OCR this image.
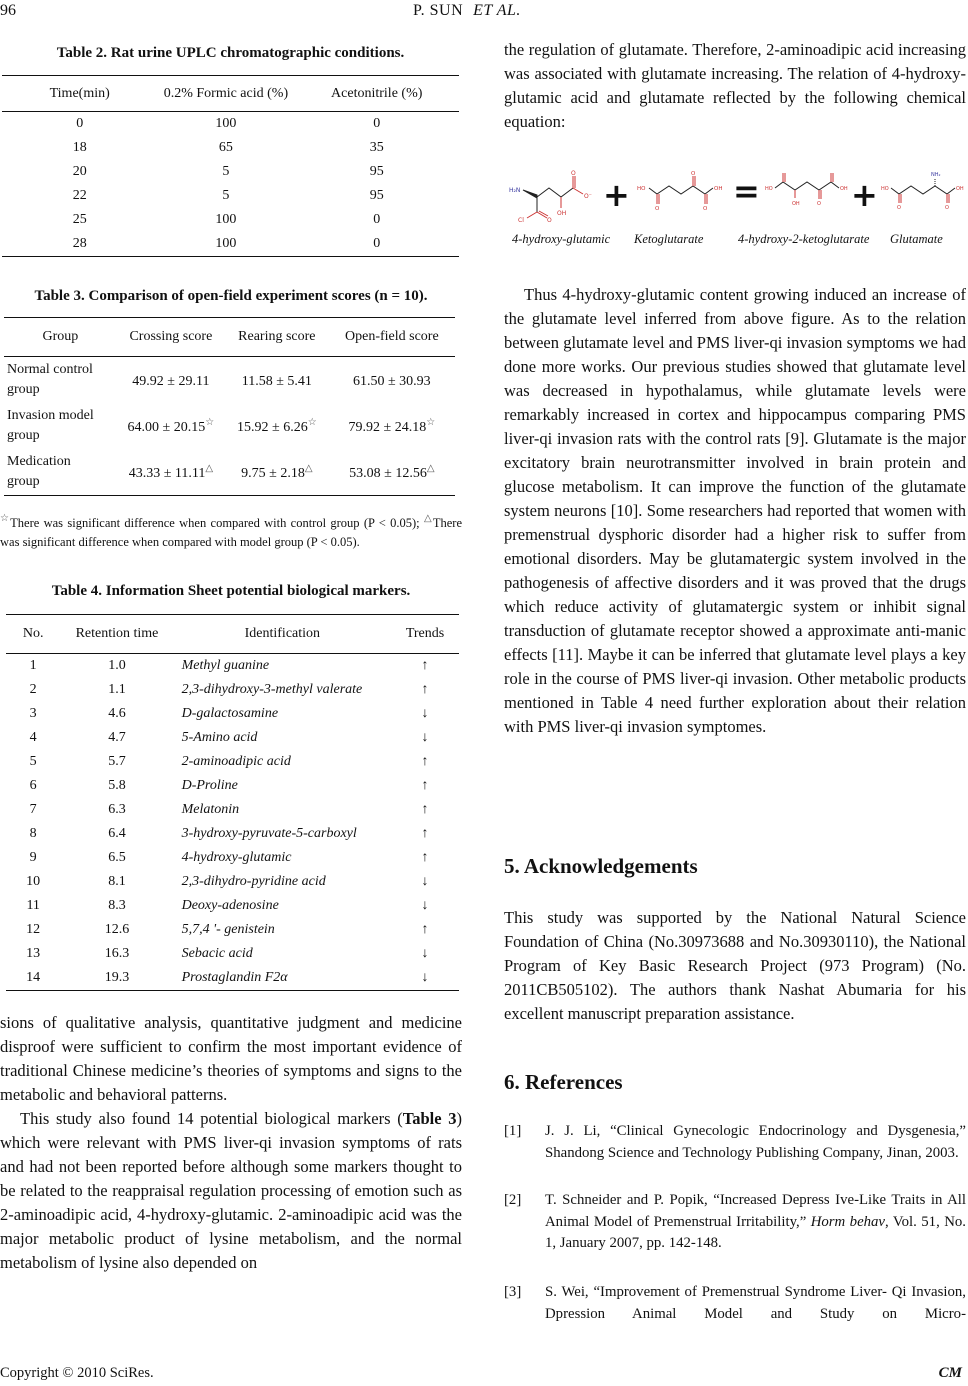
96	P. SUN ET AL.
Table 2. Rat urine UPLC chromatographic conditions.
Time(min)	0.2% Formic acid (%)	Acetonitrile (%)
0	100	0
18	65	35
20	5	95
22	5	95
25	100	0
28	100	0
Table 3. Comparison of open-field experiment scores (n = 10).
Group	Crossing score	Rearing score	Open-field score
Normal control
group	49.92 ± 29.11	11.58 ± 5.41	61.50 ± 30.93
Invasion model
group	64.00 ± 20.15☆	15.92 ± 6.26☆	79.92 ± 24.18☆
Medication
group	43.33 ± 11.11△	9.75 ± 2.18△	53.08 ± 12.56△
☆There was significant difference when compared with control group (P < 0.05); △There was significant difference when compared with model group (P < 0.05).
Table 4. Information Sheet potential biological markers.
No.	Retention time	Identification	Trends
1	1.0	Methyl guanine	↑
2	1.1	2,3-dihydroxy-3-methyl valerate	↑
3	4.6	D-galactosamine	↓
4	4.7	5-Amino acid	↓
5	5.7	2-aminoadipic acid	↑
6	5.8	D-Proline	↑
7	6.3	Melatonin	↑
8	6.4	3-hydroxy-pyruvate-5-carboxyl	↑
9	6.5	4-hydroxy-glutamic	↑
10	8.1	2,3-dihydro-pyridine acid	↓
11	8.3	Deoxy-adenosine	↓
12	12.6	5,7,4 '- genistein	↑
13	16.3	Sebacic acid	↓
14	19.3	Prostaglandin F2α	↓

sions of qualitative analysis, quantitative judgment and medicine disproof were sufficient to confirm the most important evidence of traditional Chinese medicine’s theories of symptoms and signs to the metabolic and behavioral patterns.

This study also found 14 potential biological markers (Table 3) which were relevant with PMS liver-qi invasion symptoms of rats and had not been reported before although some markers thought to be related to the reappraisal regulation processing of emotion such as 2-aminoadipic acid, 4-hydroxy-glutamic. 2-aminoadipic acid was the major metabolic product of lysine metabolism, and the normal metabolism of lysine also depended on

the regulation of glutamate. Therefore, 2-aminoadipic acid increasing was associated with glutamate increasing. The relation of 4-hydroxy-glutamic acid and glutamate reflected by the following chemical equation:
H₂N
Cl	O
OH
O
O⁻ + HO
O
O
O
OH = HO
OH	O
OH + HO
NH₂
O	O
OH
4-hydroxy-glutamic Ketoglutarate	4-hydroxy-2-ketoglutarate Glutamate
Thus 4-hydroxy-glutamic content growing induced an increase of the glutamate level inferred from above figure. As to the relation between glutamate level and PMS liver-qi invasion symptoms we had done more works. Our previous studies showed that glutamate level was decreased in hypothalamus, while glutamate levels were remarkably increased in cortex and hippocampus comparing PMS liver-qi invasion rats with the control rats [9]. Glutamate is the major excitatory brain neurotransmitter involved in brain protein and glucose metabolism. It can improve the function of the glutamate system neurons [10]. Some researchers had reported that women with premenstrual dysphoric disorder had a higher risk to suffer from emotional disorders. May be glutamatergic system involved in the pathogenesis of affective disorders and it was proved that the drugs which reduce activity of glutamatergic system or inhibit signal transduction of glutamate receptor showed a approximate anti-manic effects [11]. Maybe it can be inferred that glutamate level plays a key role in the course of PMS liver-qi invasion. Other metabolic products mentioned in Table 4 need further exploration about their relation with PMS liver-qi invasion symptomes.
5. Acknowledgements
This study was supported by the National Natural Science Foundation of China (No.30973688 and No.30930110), the National Program of Key Basic Research Project (973 Program) (No. 2011CB505102). The authors thank Nashat Abumaria for his excellent manuscript preparation assistance.
6. References
[1] J. J. Li, “Clinical Gynecologic Endocrinology and Dysgenesia,” Shandong Science and Technology Publishing Company, Jinan, 2003.
[2] T. Schneider and P. Popik, “Increased Depress Ive-Like Traits in All Animal Model of Premenstrual Irritability,” Horm behav, Vol. 51, No. 1, January 2007, pp. 142-148.
[3] S. Wei, “Improvement of Premenstrual Syndrome Liver- Qi Invasion, Dpression Animal Model and Study on Micro-
Copyright © 2010 SciRes.	CM
